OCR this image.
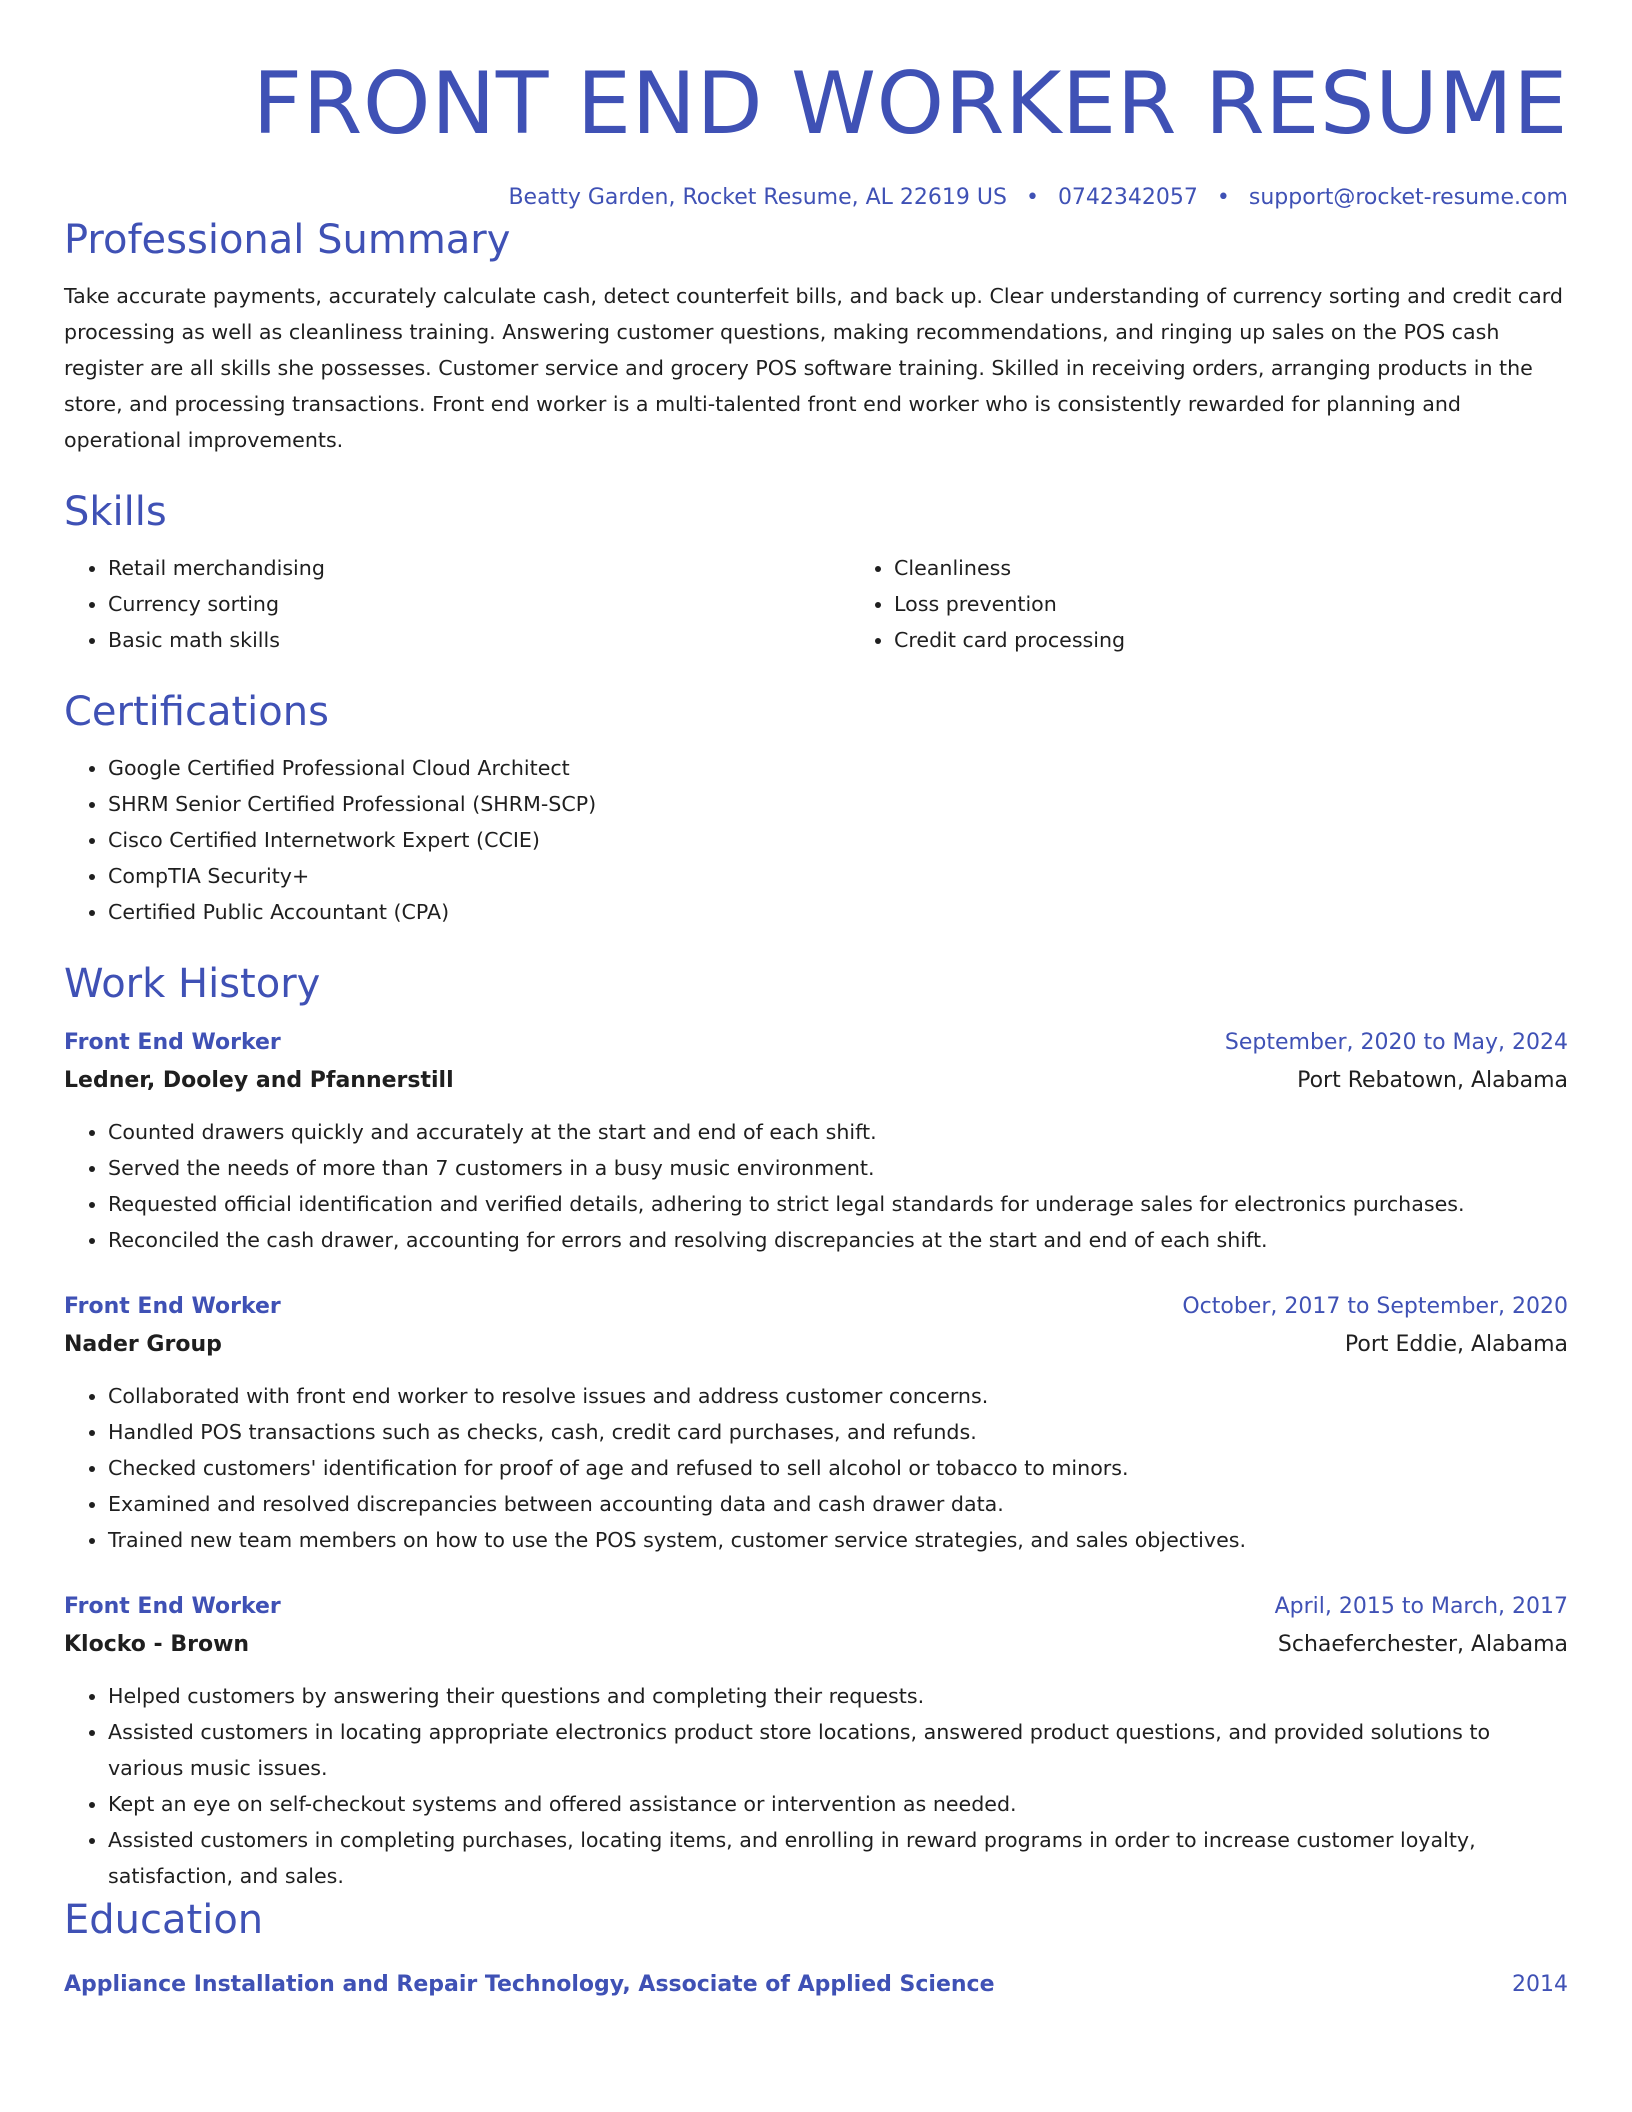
FRONT END WORKER RESUME
Beatty Garden, Rocket Resume, AL 22619 US • 0742342057 • support@rocket-resume.com
Professional Summary

Take accurate payments, accurately calculate cash, detect counterfeit bills, and back up. Clear understanding of currency sorting and credit card processing as well as cleanliness training. Answering customer questions, making recommendations, and ringing up sales on the POS cash register are all skills she possesses. Customer service and grocery POS software training. Skilled in receiving orders, arranging products in the store, and processing transactions. Front end worker is a multi-talented front end worker who is consistently rewarded for planning and operational improvements.

Skills
• Retail merchandising
• Currency sorting
• Basic math skills
• Cleanliness
• Loss prevention
• Credit card processing
Certifications
• Google Certified Professional Cloud Architect
• SHRM Senior Certified Professional (SHRM-SCP)
• Cisco Certified Internetwork Expert (CCIE)
• CompTIA Security+
• Certified Public Accountant (CPA)
Work History
Front End Worker	September, 2020 to May, 2024
Ledner, Dooley and Pfannerstill	Port Rebatown, Alabama
• Counted drawers quickly and accurately at the start and end of each shift.
• Served the needs of more than 7 customers in a busy music environment.
• Requested official identification and verified details, adhering to strict legal standards for underage sales for electronics purchases.
• Reconciled the cash drawer, accounting for errors and resolving discrepancies at the start and end of each shift.
Front End Worker	October, 2017 to September, 2020
Nader Group	Port Eddie, Alabama
• Collaborated with front end worker to resolve issues and address customer concerns.
• Handled POS transactions such as checks, cash, credit card purchases, and refunds.
• Checked customers' identification for proof of age and refused to sell alcohol or tobacco to minors.
• Examined and resolved discrepancies between accounting data and cash drawer data.
• Trained new team members on how to use the POS system, customer service strategies, and sales objectives.
Front End Worker	April, 2015 to March, 2017
Klocko - Brown	Schaeferchester, Alabama
• Helped customers by answering their questions and completing their requests.
• Assisted customers in locating appropriate electronics product store locations, answered product questions, and provided solutions to various music issues.
• Kept an eye on self-checkout systems and offered assistance or intervention as needed.
• Assisted customers in completing purchases, locating items, and enrolling in reward programs in order to increase customer loyalty, satisfaction, and sales.
Education
Appliance Installation and Repair Technology, Associate of Applied Science	2014
